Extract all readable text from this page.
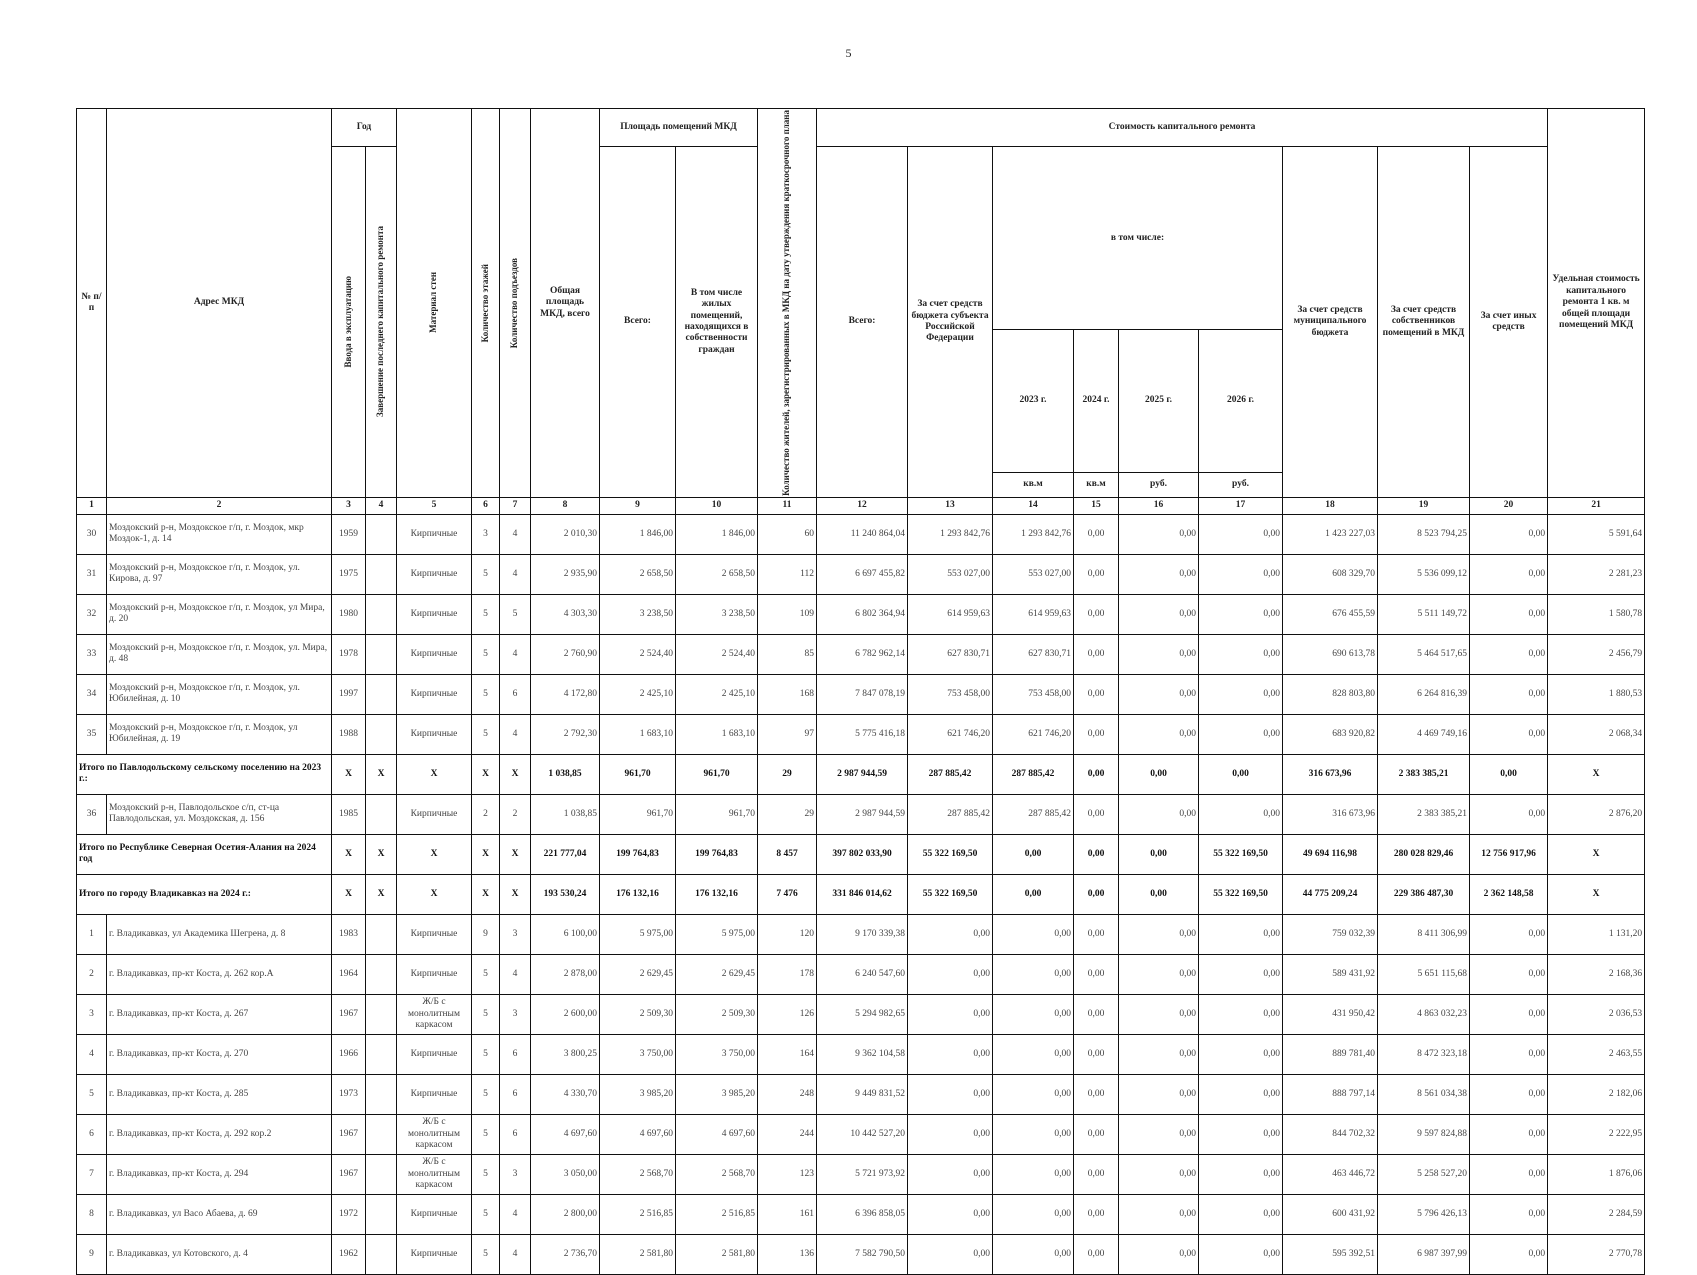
5
№ п/п	Адрес МКД	Год		Материал стен	Количество этажей	Количество подъездов	Общая площадь МКД, всего	Площадь помещений МКД		Количество жителей, зарегистрированных в МКД на дату утверждения краткосрочного плана	Стоимость капитального ремонта									Удельная стоимость капитального ремонта 1 кв. м общей площади помещений МКД	

		Ввода в эксплуатацию	Завершение последнего капитального ремонта					Всего:	В том числе жилых помещений, находящихся в собственности граждан		Всего:	За счет средств бюджета субъекта Российской Федерации	в том числе:				За счет средств муниципального бюджета	За счет средств собственников помещений в МКД	За счет иных средств		
													2023 г.	2024 г.	2025 г.	2026 г.					
													кв.м	кв.м	руб.	руб.							
1	2	3	4	5	6	7	8	9	10	11	12	13	14	15	16	17	18	19	20	21	
30	Моздокский р-н, Моздокское г/п, г. Моздок, мкр Моздок-1, д. 14	1959		Кирпичные	3	4	2 010,30	1 846,00	1 846,00	60	11 240 864,04	1 293 842,76	1 293 842,76	0,00	0,00	0,00	1 423 227,03	8 523 794,25	0,00	5 591,64	
31	Моздокский р-н, Моздокское г/п, г. Моздок, ул. Кирова, д. 97	1975		Кирпичные	5	4	2 935,90	2 658,50	2 658,50	112	6 697 455,82	553 027,00	553 027,00	0,00	0,00	0,00	608 329,70	5 536 099,12	0,00	2 281,23	
32	Моздокский р-н, Моздокское г/п, г. Моздок, ул Мира, д. 20	1980		Кирпичные	5	5	4 303,30	3 238,50	3 238,50	109	6 802 364,94	614 959,63	614 959,63	0,00	0,00	0,00	676 455,59	5 511 149,72	0,00	1 580,78	
33	Моздокский р-н, Моздокское г/п, г. Моздок, ул. Мира, д. 48	1978		Кирпичные	5	4	2 760,90	2 524,40	2 524,40	85	6 782 962,14	627 830,71	627 830,71	0,00	0,00	0,00	690 613,78	5 464 517,65	0,00	2 456,79	
34	Моздокский р-н, Моздокское г/п, г. Моздок, ул. Юбилейная, д. 10	1997		Кирпичные	5	6	4 172,80	2 425,10	2 425,10	168	7 847 078,19	753 458,00	753 458,00	0,00	0,00	0,00	828 803,80	6 264 816,39	0,00	1 880,53	
35	Моздокский р-н, Моздокское г/п, г. Моздок, ул Юбилейная, д. 19	1988		Кирпичные	5	4	2 792,30	1 683,10	1 683,10	97	5 775 416,18	621 746,20	621 746,20	0,00	0,00	0,00	683 920,82	4 469 749,16	0,00	2 068,34	
Итого по Павлодольскому сельскому поселению на 2023 г.:		X	X	X	X	X	1 038,85	961,70	961,70	29	2 987 944,59	287 885,42	287 885,42	0,00	0,00	0,00	316 673,96	2 383 385,21	0,00	X	
36	Моздокский р-н, Павлодольское с/п, ст-ца Павлодольская, ул. Моздокская, д. 156	1985		Кирпичные	2	2	1 038,85	961,70	961,70	29	2 987 944,59	287 885,42	287 885,42	0,00	0,00	0,00	316 673,96	2 383 385,21	0,00	2 876,20	
Итого по Республике Северная Осетия-Алания на 2024 год		X	X	X	X	X	221 777,04	199 764,83	199 764,83	8 457	397 802 033,90	55 322 169,50	0,00	0,00	0,00	55 322 169,50	49 694 116,98	280 028 829,46	12 756 917,96	X	
Итого по городу Владикавказ на 2024 г.:		X	X	X	X	X	193 530,24	176 132,16	176 132,16	7 476	331 846 014,62	55 322 169,50	0,00	0,00	0,00	55 322 169,50	44 775 209,24	229 386 487,30	2 362 148,58	X	
1	г. Владикавказ, ул Академика Шегрена, д. 8	1983		Кирпичные	9	3	6 100,00	5 975,00	5 975,00	120	9 170 339,38	0,00	0,00	0,00	0,00	0,00	759 032,39	8 411 306,99	0,00	1 131,20	
2	г. Владикавказ, пр-кт Коста, д. 262 кор.А	1964		Кирпичные	5	4	2 878,00	2 629,45	2 629,45	178	6 240 547,60	0,00	0,00	0,00	0,00	0,00	589 431,92	5 651 115,68	0,00	2 168,36	
3	г. Владикавказ, пр-кт Коста, д. 267	1967		Ж/Б с монолитным каркасом	5	3	2 600,00	2 509,30	2 509,30	126	5 294 982,65	0,00	0,00	0,00	0,00	0,00	431 950,42	4 863 032,23	0,00	2 036,53	
4	г. Владикавказ, пр-кт Коста, д. 270	1966		Кирпичные	5	6	3 800,25	3 750,00	3 750,00	164	9 362 104,58	0,00	0,00	0,00	0,00	0,00	889 781,40	8 472 323,18	0,00	2 463,55	
5	г. Владикавказ, пр-кт Коста, д. 285	1973		Кирпичные	5	6	4 330,70	3 985,20	3 985,20	248	9 449 831,52	0,00	0,00	0,00	0,00	0,00	888 797,14	8 561 034,38	0,00	2 182,06	
6	г. Владикавказ, пр-кт Коста, д. 292 кор.2	1967		Ж/Б с монолитным каркасом	5	6	4 697,60	4 697,60	4 697,60	244	10 442 527,20	0,00	0,00	0,00	0,00	0,00	844 702,32	9 597 824,88	0,00	2 222,95	
7	г. Владикавказ, пр-кт Коста, д. 294	1967		Ж/Б с монолитным каркасом	5	3	3 050,00	2 568,70	2 568,70	123	5 721 973,92	0,00	0,00	0,00	0,00	0,00	463 446,72	5 258 527,20	0,00	1 876,06	
8	г. Владикавказ, ул Васо Абаева, д. 69	1972		Кирпичные	5	4	2 800,00	2 516,85	2 516,85	161	6 396 858,05	0,00	0,00	0,00	0,00	0,00	600 431,92	5 796 426,13	0,00	2 284,59	
9	г. Владикавказ, ул Котовского, д. 4	1962		Кирпичные	5	4	2 736,70	2 581,80	2 581,80	136	7 582 790,50	0,00	0,00	0,00	0,00	0,00	595 392,51	6 987 397,99	0,00	2 770,78	
